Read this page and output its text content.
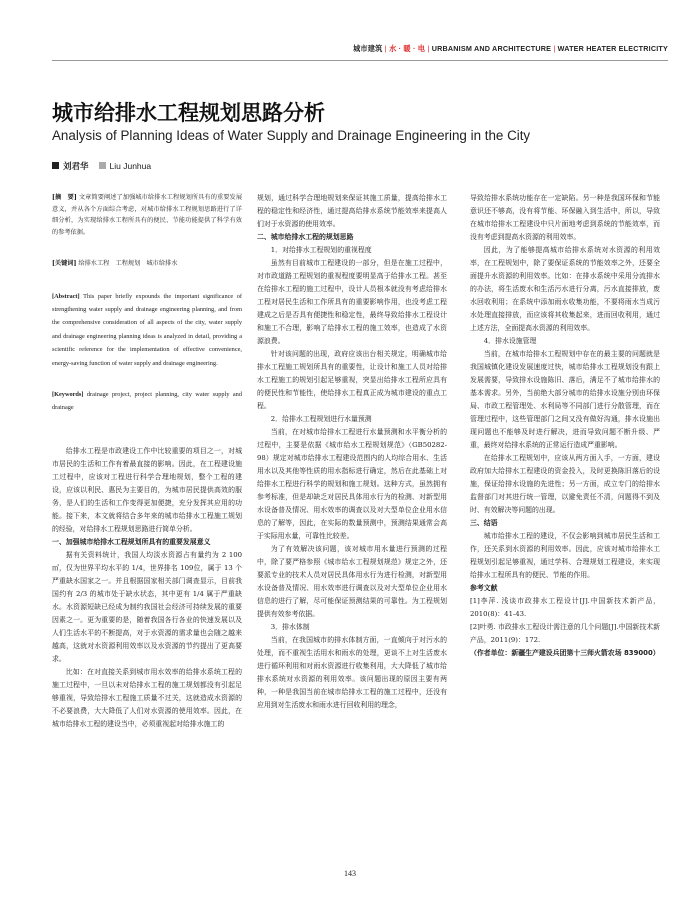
城市建筑 | 水 · 暖 · 电 | URBANISM AND ARCHITECTURE | WATER HEATER ELECTRICITY
城市给排水工程规划思路分析
Analysis of Planning Ideas of Water Supply and Drainage Engineering in the City
刘君华	Liu Junhua
[摘　要] 文章简要阐述了加强城市给排水工程规划所具有的重要发展意义，并从各个方面综合考虑，对城市给排水工程规划思路进行了详细分析，为实现给排水工程所具有的便民、节能功能提供了科学有效的参考依据。
[关键词] 给排水工程　工程规划　城市给排水
[Abstract] This paper briefly expounds the important significance of strengthening water supply and drainage engineering planning, and from the comprehensive consideration of all aspects of the city, water supply and drainage engineering planning ideas is analyzed in detail, providing a scientific reference for the implementation of effective convenience, energy-saving function of water supply and drainage engineering.
[Keywords] drainage project, project planning, city water supply and drainage

给排水工程是市政建设工作中比较重要的项目之一，对城市居民的生活和工作有着最直接的影响。因此，在工程建设施工过程中，应该对工程进行科学合理地规划，整个工程的建设，应该以利民、惠民为主要目的，为城市居民提供高效的服务，是人们的生活和工作变得更加便捷，充分发挥其应用的功能。接下来，本文就将结合多年来的城市给排水工程施工规划的经验，对给排水工程规划思路进行简单分析。

一、加强城市给排水工程规划所具有的重要发展意义

据有关资料统计，我国人均淡水资源占有量约为 2 100㎥，仅为世界平均水平的 1/4，世界排名 109位，属于 13 个严重缺水国家之一。并且根据国家相关部门调查显示，目前我国约有 2/3 的城市处于缺水状态，其中更有 1/4 属于严重缺水。水资源短缺已经成为制约我国社会经济可持续发展的重要因素之一。更为重要的是，随着我国各行各业的快速发展以及人们生活水平的不断提高，对于水资源的需求量也会随之越来越高，这就对水资源利用效率以及水资源的节约提出了更高要求。

比如：在对直接关系到城市用水效率的给排水系统工程的施工过程中，一旦以未对给排水工程的施工规划都没有引起足够重视，导致给排水工程施工质量不过关，这就造成水资源的不必要浪费，大大降低了人们对水资源的使用效率。因此，在城市给排水工程的建设当中，必须重视起对给排水施工的

规划，通过科学合理地规划来保证其施工质量，提高给排水工程的稳定性和经济性，通过提高给排水系统节能效率来提高人们对于水资源的使用效率。

二、城市给排水工程的规划思路

1．对给排水工程规划的重视程度

虽然有目前城市工程建设的一部分，但是在施工过程中，对市政道路工程规划的重视程度要明显高于给排水工程。甚至在给排水工程的施工过程中，设计人员根本就没有考虑给排水工程对居民生活和工作所具有的重要影响作用，也没考虑工程建成之后是否具有便捷性和稳定性，最终导致给排水工程设计和施工不合理，影响了给排水工程的施工效率，也造成了水资源浪费。

针对该问题的出现，政府应该出台相关规定，明确城市给排水工程施工规划所具有的重要性，让设计和施工人员对给排水工程施工的规划引起足够重视，突显出给排水工程所应具有的便民性和节能性，使给排水工程真正成为城市建设的重点工程。

2．给排水工程规划进行水量预测

当前，在对城市给排水工程进行水量预测和水平衡分析的过程中，主要是依据《城市给水工程规划规范》（GB50282-98）规定对城市给排水工程建设范围内的人均综合用水、生活用水以及其他等性质的用水指标进行确定，然后在此基础上对给排水工程进行科学的规划和施工规划。这种方式，虽然拥有参考标准，但是却缺乏对居民具体用水行为的检测、对新型用水设备普及情况、用水效率的调查以及对大型单位企业用水信息的了解等，因此，在实际的数量预测中，预测结果通常会高于实际用水量，可靠性比较差。

为了有效解决该问题，该对城市用水量进行预测的过程中，除了要严格参照《城市给水工程规划规范》规定之外，还要派专业的技术人员对居民具体用水行为进行检测，对新型用水设备普及情况、用水效率进行调查以及对大型单位企业用水信息的进行了解，尽可能保证预测结果的可靠性。为工程规划提供有效参考依据。

3．排水体制

当前，在我国城市的排水体制方面，一直倾向于对污水的处理，而不重视生活用水和雨水的处理，更谈不上对生活废水进行循环利用和对雨水资源进行收集利用，大大降低了城市给排水系统对水资源的利用效率。该问题出现的原因主要有两种，一种是我国当前在城市给排水工程的施工过程中，还没有应用到对生活废水和雨水进行回收利用的理念，

导致给排水系统功能存在一定缺陷。另一种是我国环保和节能意识还不够高，没有将节能、环保融入到生活中，所以，导致在城市给排水工程建设中只片面地考虑到系统的节能效率，而没有考虑到提高水资源的利用效率。

因此，为了能够提高城市给排水系统对水资源的利用效率，在工程规划中，除了要保证系统的节能效率之外，还要全面提升水资源的利用效率。比如：在排水系统中采用分流排水的办法，将生活废水和生活污水进行分离，污水直接排放，废水回收利用；在系统中添加雨水收集功能，不要将雨水当成污水处理直接排放，而应该将其收集起来，进而回收利用，通过上述方法，全面提高水资源的利用效率。

4．排水设施管理

当前，在城市给排水工程规划中存在的最主要的问题就是我国城镇化建设发展速度过快，城市给排水工程规划没有跟上发展需要，导致排水设施陈旧、落后，满足不了城市给排水的基本需求。另外，当前绝大部分城市的给排水设施分别由环保局、市政工程管理处、水利局等不同部门进行分散管理，而在管理过程中，这些管理部门之间又没有做好沟通，排水设施出现问题也不能够及时进行解决，进而导致问题不断升级、严重，最终对给排水系统的正常运行造成严重影响。

在给排水工程规划中，应该从两方面入手，一方面，建设政府加大给排水工程建设的资金投入，及时更换陈旧落后的设施，保证给排水设施的先进性；另一方面，成立专门的给排水监督部门对其进行统一管理，以避免责任不清，问题得不到及时、有效解决等问题的出现。

三、结语

城市给排水工程的建设，不仅会影响到城市居民生活和工作，还关系到水资源的利用效率。因此，应该对城市给排水工程规划引起足够重视，通过学科、合理规划工程建设，来实现给排水工程所具有的便民、节能的作用。

参考文献

[1]李萍. 浅谈市政排水工程设计[J].中国新技术新产品，2010(8)：41-43.

[2]叶勇. 市政排水工程设计需注意的几个问题[J].中国新技术新产品，2011(9)：172.

（作者单位：新疆生产建设兵团第十三师火箭农场 839000）

143
